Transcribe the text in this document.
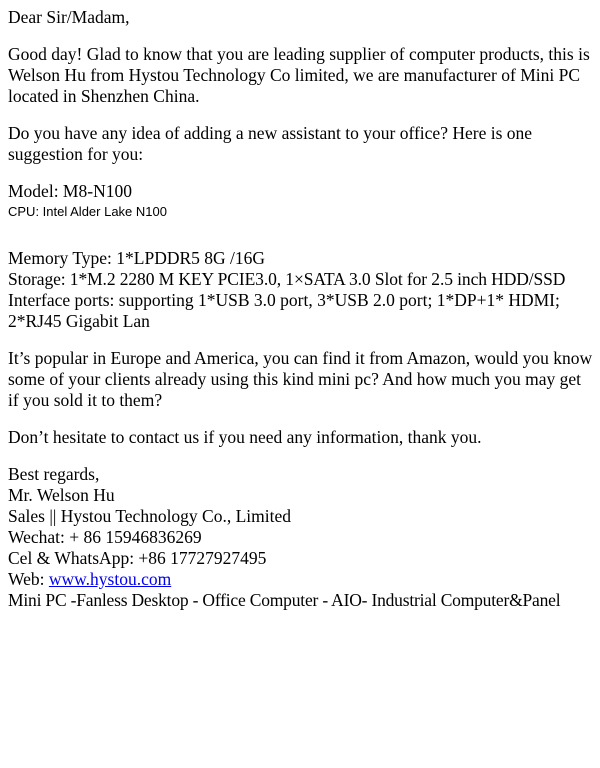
Dear Sir/Madam,

Good day! Glad to know that you are leading supplier of computer products, this is Welson Hu from Hystou Technology Co limited, we are manufacturer of Mini PC located in Shenzhen China.

Do you have any idea of adding a new assistant to your office? Here is one suggestion for you:

Model: M8-N100
CPU: Intel Alder Lake N100
Memory Type: 1*LPDDR5 8G /16G
Storage: 1*M.2 2280 M KEY PCIE3.0, 1×SATA 3.0 Slot for 2.5 inch HDD/SSD

Interface ports: supporting 1*USB 3.0 port, 3*USB 2.0 port; 1*DP+1* HDMI; 2*RJ45 Gigabit Lan

It’s popular in Europe and America, you can find it from Amazon, would you know some of your clients already using this kind mini pc? And how much you may get if you sold it to them?

Don’t hesitate to contact us if you need any information, thank you.

Best regards,
Mr. Welson Hu
Sales || Hystou Technology Co., Limited
Wechat: + 86 15946836269
Cel & WhatsApp: +86 17727927495
Web: www.hystou.com
Mini PC -Fanless Desktop - Office Computer - AIO- Industrial Computer&Panel
